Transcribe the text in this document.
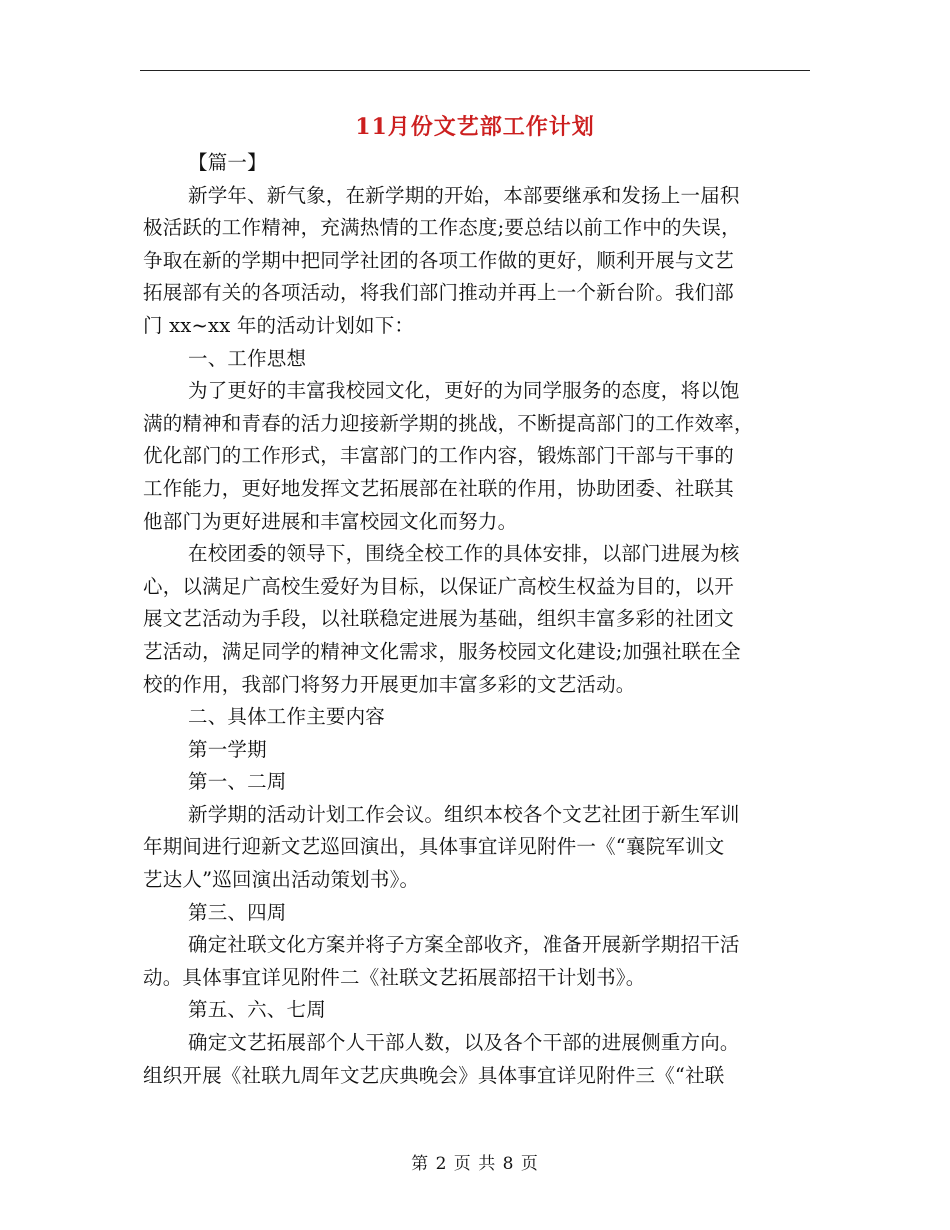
11月份文艺部工作计划
【篇一】
新学年、新气象，在新学期的开始，本部要继承和发扬上一届积
极活跃的工作精神，充满热情的工作态度;要总结以前工作中的失误，
争取在新的学期中把同学社团的各项工作做的更好，顺利开展与文艺
拓展部有关的各项活动，将我们部门推动并再上一个新台阶。我们部
门 xx~xx 年的活动计划如下：
一、工作思想
为了更好的丰富我校园文化，更好的为同学服务的态度，将以饱
满的精神和青春的活力迎接新学期的挑战，不断提高部门的工作效率，
优化部门的工作形式，丰富部门的工作内容，锻炼部门干部与干事的
工作能力，更好地发挥文艺拓展部在社联的作用，协助团委、社联其
他部门为更好进展和丰富校园文化而努力。
在校团委的领导下，围绕全校工作的具体安排，以部门进展为核
心，以满足广高校生爱好为目标，以保证广高校生权益为目的，以开
展文艺活动为手段，以社联稳定进展为基础，组织丰富多彩的社团文
艺活动，满足同学的精神文化需求，服务校园文化建设;加强社联在全
校的作用，我部门将努力开展更加丰富多彩的文艺活动。
二、具体工作主要内容
第一学期
第一、二周
新学期的活动计划工作会议。组织本校各个文艺社团于新生军训
年期间进行迎新文艺巡回演出，具体事宜详见附件一《“襄院军训文
艺达人”巡回演出活动策划书》。
第三、四周
确定社联文化方案并将子方案全部收齐，准备开展新学期招干活
动。具体事宜详见附件二《社联文艺拓展部招干计划书》。
第五、六、七周
确定文艺拓展部个人干部人数，以及各个干部的进展侧重方向。
组织开展《社联九周年文艺庆典晚会》具体事宜详见附件三《“社联
第 2 页 共 8 页
